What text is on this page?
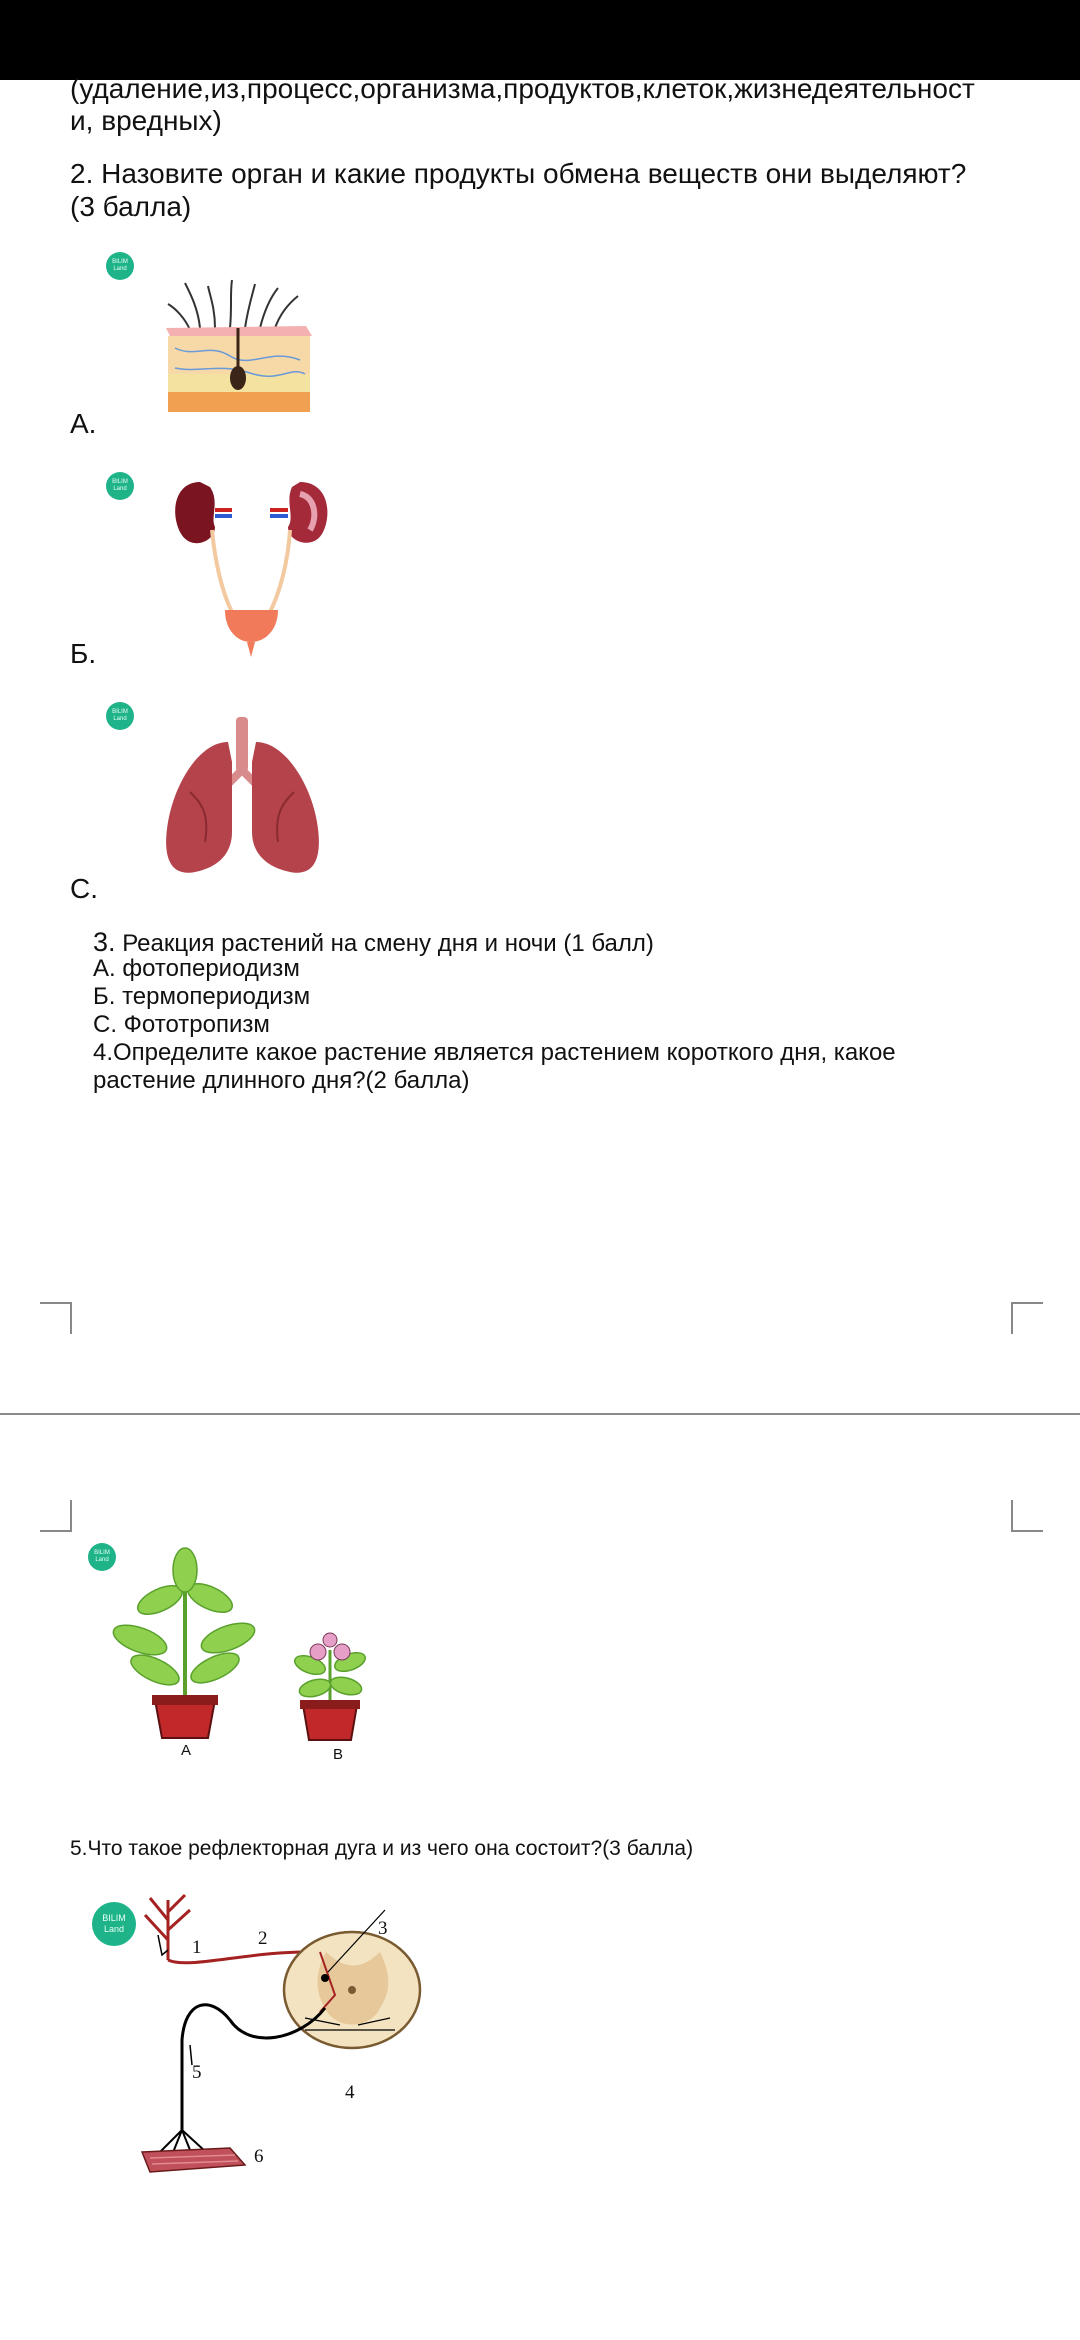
(удаление,из,процесс,организма,продуктов,клеток,жизнедеятельност
и, вредных)
2. Назовите орган и какие продукты обмена веществ они выделяют?
(3 балла)
BILIM
Land
А.
BILIM
Land
Б.
BILIM
Land
С.
3. Реакция растений на смену дня и ночи (1 балл)
А. фотопериодизм
Б. термопериодизм
С. Фототропизм
4.Определите какое растение является растением короткого дня, какое
растение длинного дня?(2 балла)
BILIM
Land
A	B
5.Что такое рефлекторная дуга и из чего она состоит?(3 балла)
BILIM
Land
1	2	3
4
5
6
